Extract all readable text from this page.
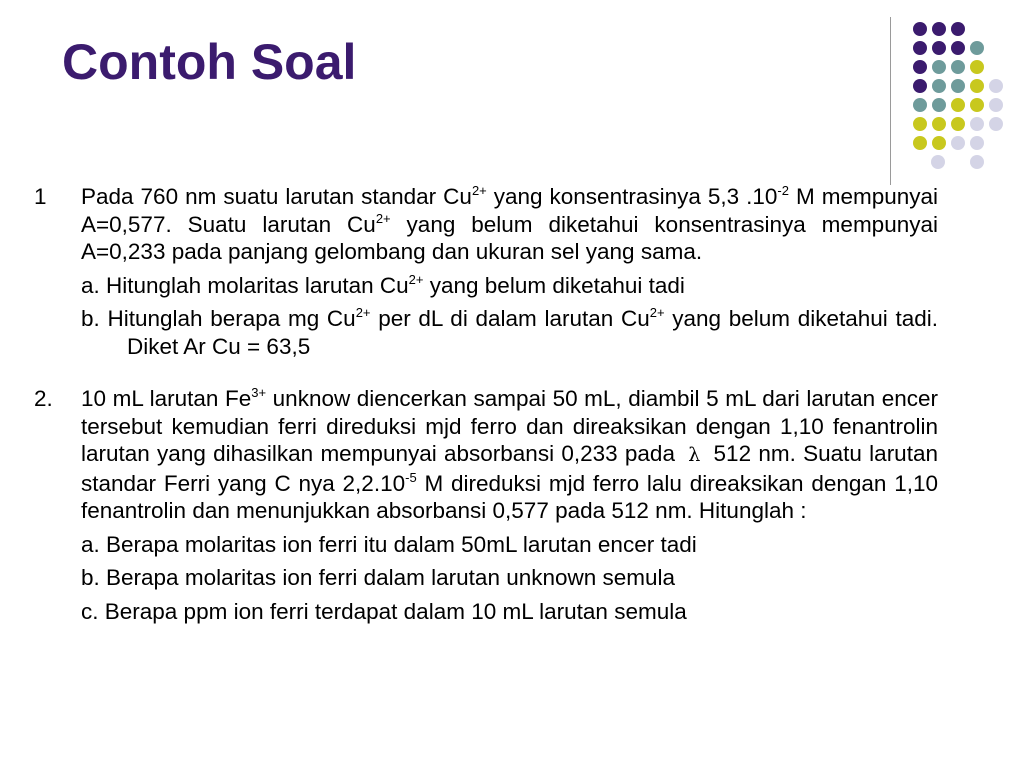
Contoh Soal
1 Pada 760 nm suatu larutan standar $Cu^{2+}$ yang konsentrasinya 5,3 $.10^{-2}$ M mempunyai A=0,577. Suatu larutan $Cu^{2+}$ yang belum diketahui konsentrasinya mempunyai A=0,233 pada panjang gelombang dan ukuran sel yang sama.
a. Hitunglah molaritas larutan $Cu^{2+}$ yang belum diketahui tadi
b. Hitunglah berapa mg $Cu^{2+}$ per dL di dalam larutan $Cu^{2+}$ yang belum diketahui tadi. Diket Ar Cu = 63,5
2. 10 mL larutan $Fe^{3+}$ unknow diencerkan sampai 50 mL, diambil 5 mL dari larutan encer tersebut kemudian ferri direduksi mjd ferro dan direaksikan dengan 1,10 fenantrolin larutan yang dihasilkan mempunyai absorbansi 0,233 pada λ 512 nm. Suatu larutan standar Ferri yang C nya $2,2.10^{-5}$ M direduksi mjd ferro lalu direaksikan dengan 1,10 fenantrolin dan menunjukkan absorbansi 0,577 pada 512 nm. Hitunglah :
a. Berapa molaritas ion ferri itu dalam 50mL larutan encer tadi
b. Berapa molaritas ion ferri dalam larutan unknown semula
c. Berapa ppm ion ferri terdapat dalam 10 mL larutan semula
